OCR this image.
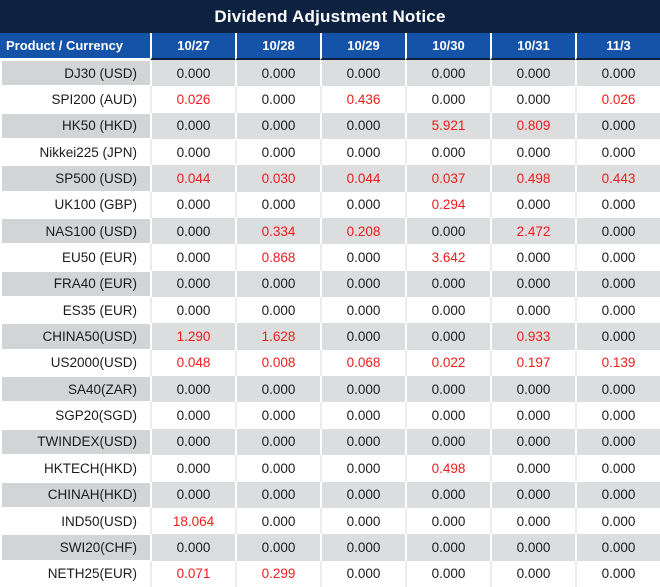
Dividend Adjustment Notice
Product / Currency	10/27	10/28	10/29	10/30	10/31	11/3
DJ30 (USD)	0.000	0.000	0.000	0.000	0.000	0.000
SPI200 (AUD)	0.026	0.000	0.436	0.000	0.000	0.026
HK50 (HKD)	0.000	0.000	0.000	5.921	0.809	0.000
Nikkei225 (JPN)	0.000	0.000	0.000	0.000	0.000	0.000
SP500 (USD)	0.044	0.030	0.044	0.037	0.498	0.443
UK100 (GBP)	0.000	0.000	0.000	0.294	0.000	0.000
NAS100 (USD)	0.000	0.334	0.208	0.000	2.472	0.000
EU50 (EUR)	0.000	0.868	0.000	3.642	0.000	0.000
FRA40 (EUR)	0.000	0.000	0.000	0.000	0.000	0.000
ES35 (EUR)	0.000	0.000	0.000	0.000	0.000	0.000
CHINA50(USD)	1.290	1.628	0.000	0.000	0.933	0.000
US2000(USD)	0.048	0.008	0.068	0.022	0.197	0.139
SA40(ZAR)	0.000	0.000	0.000	0.000	0.000	0.000
SGP20(SGD)	0.000	0.000	0.000	0.000	0.000	0.000
TWINDEX(USD)	0.000	0.000	0.000	0.000	0.000	0.000
HKTECH(HKD)	0.000	0.000	0.000	0.498	0.000	0.000
CHINAH(HKD)	0.000	0.000	0.000	0.000	0.000	0.000
IND50(USD)	18.064	0.000	0.000	0.000	0.000	0.000
SWI20(CHF)	0.000	0.000	0.000	0.000	0.000	0.000
NETH25(EUR)	0.071	0.299	0.000	0.000	0.000	0.000
